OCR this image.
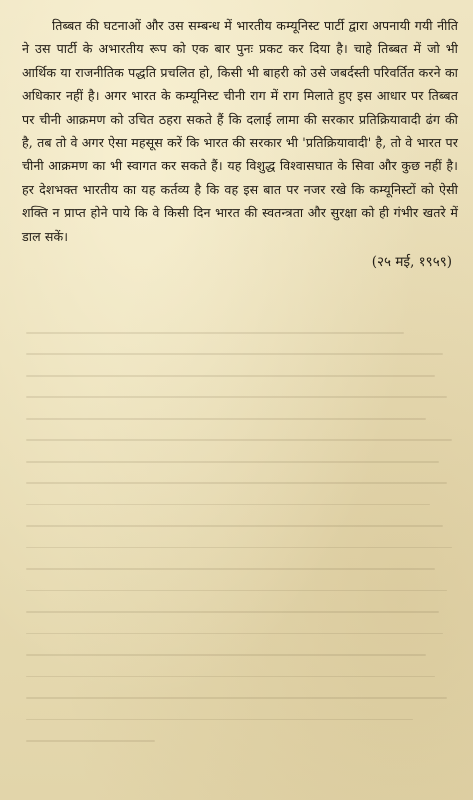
तिब्बत की घटनाओं और उस सम्बन्ध में भारतीय कम्यूनिस्ट पार्टी द्वारा अपनायी गयी नीति ने उस पार्टी के अभारतीय रूप को एक बार पुनः प्रकट कर दिया है। चाहे तिब्बत में जो भी आर्थिक या राजनीतिक पद्धति प्रचलित हो, किसी भी बाहरी को उसे जबर्दस्ती परिवर्तित करने का अधिकार नहीं है। अगर भारत के कम्यूनिस्ट चीनी राग में राग मिलाते हुए इस आधार पर तिब्बत पर चीनी आक्रमण को उचित ठहरा सकते हैं कि दलाई लामा की सरकार प्रतिक्रियावादी ढंग की है, तब तो वे अगर ऐसा महसूस करें कि भारत की सरकार भी 'प्रतिक्रियावादी' है, तो वे भारत पर चीनी आक्रमण का भी स्वागत कर सकते हैं। यह विशुद्ध विश्वासघात के सिवा और कुछ नहीं है। हर देशभक्त भारतीय का यह कर्तव्य है कि वह इस बात पर नजर रखे कि कम्यूनिस्टों को ऐसी शक्ति न प्राप्त होने पाये कि वे किसी दिन भारत की स्वतन्त्रता और सुरक्षा को ही गंभीर खतरे में डाल सकें।

(२५ मई, १९५९)
